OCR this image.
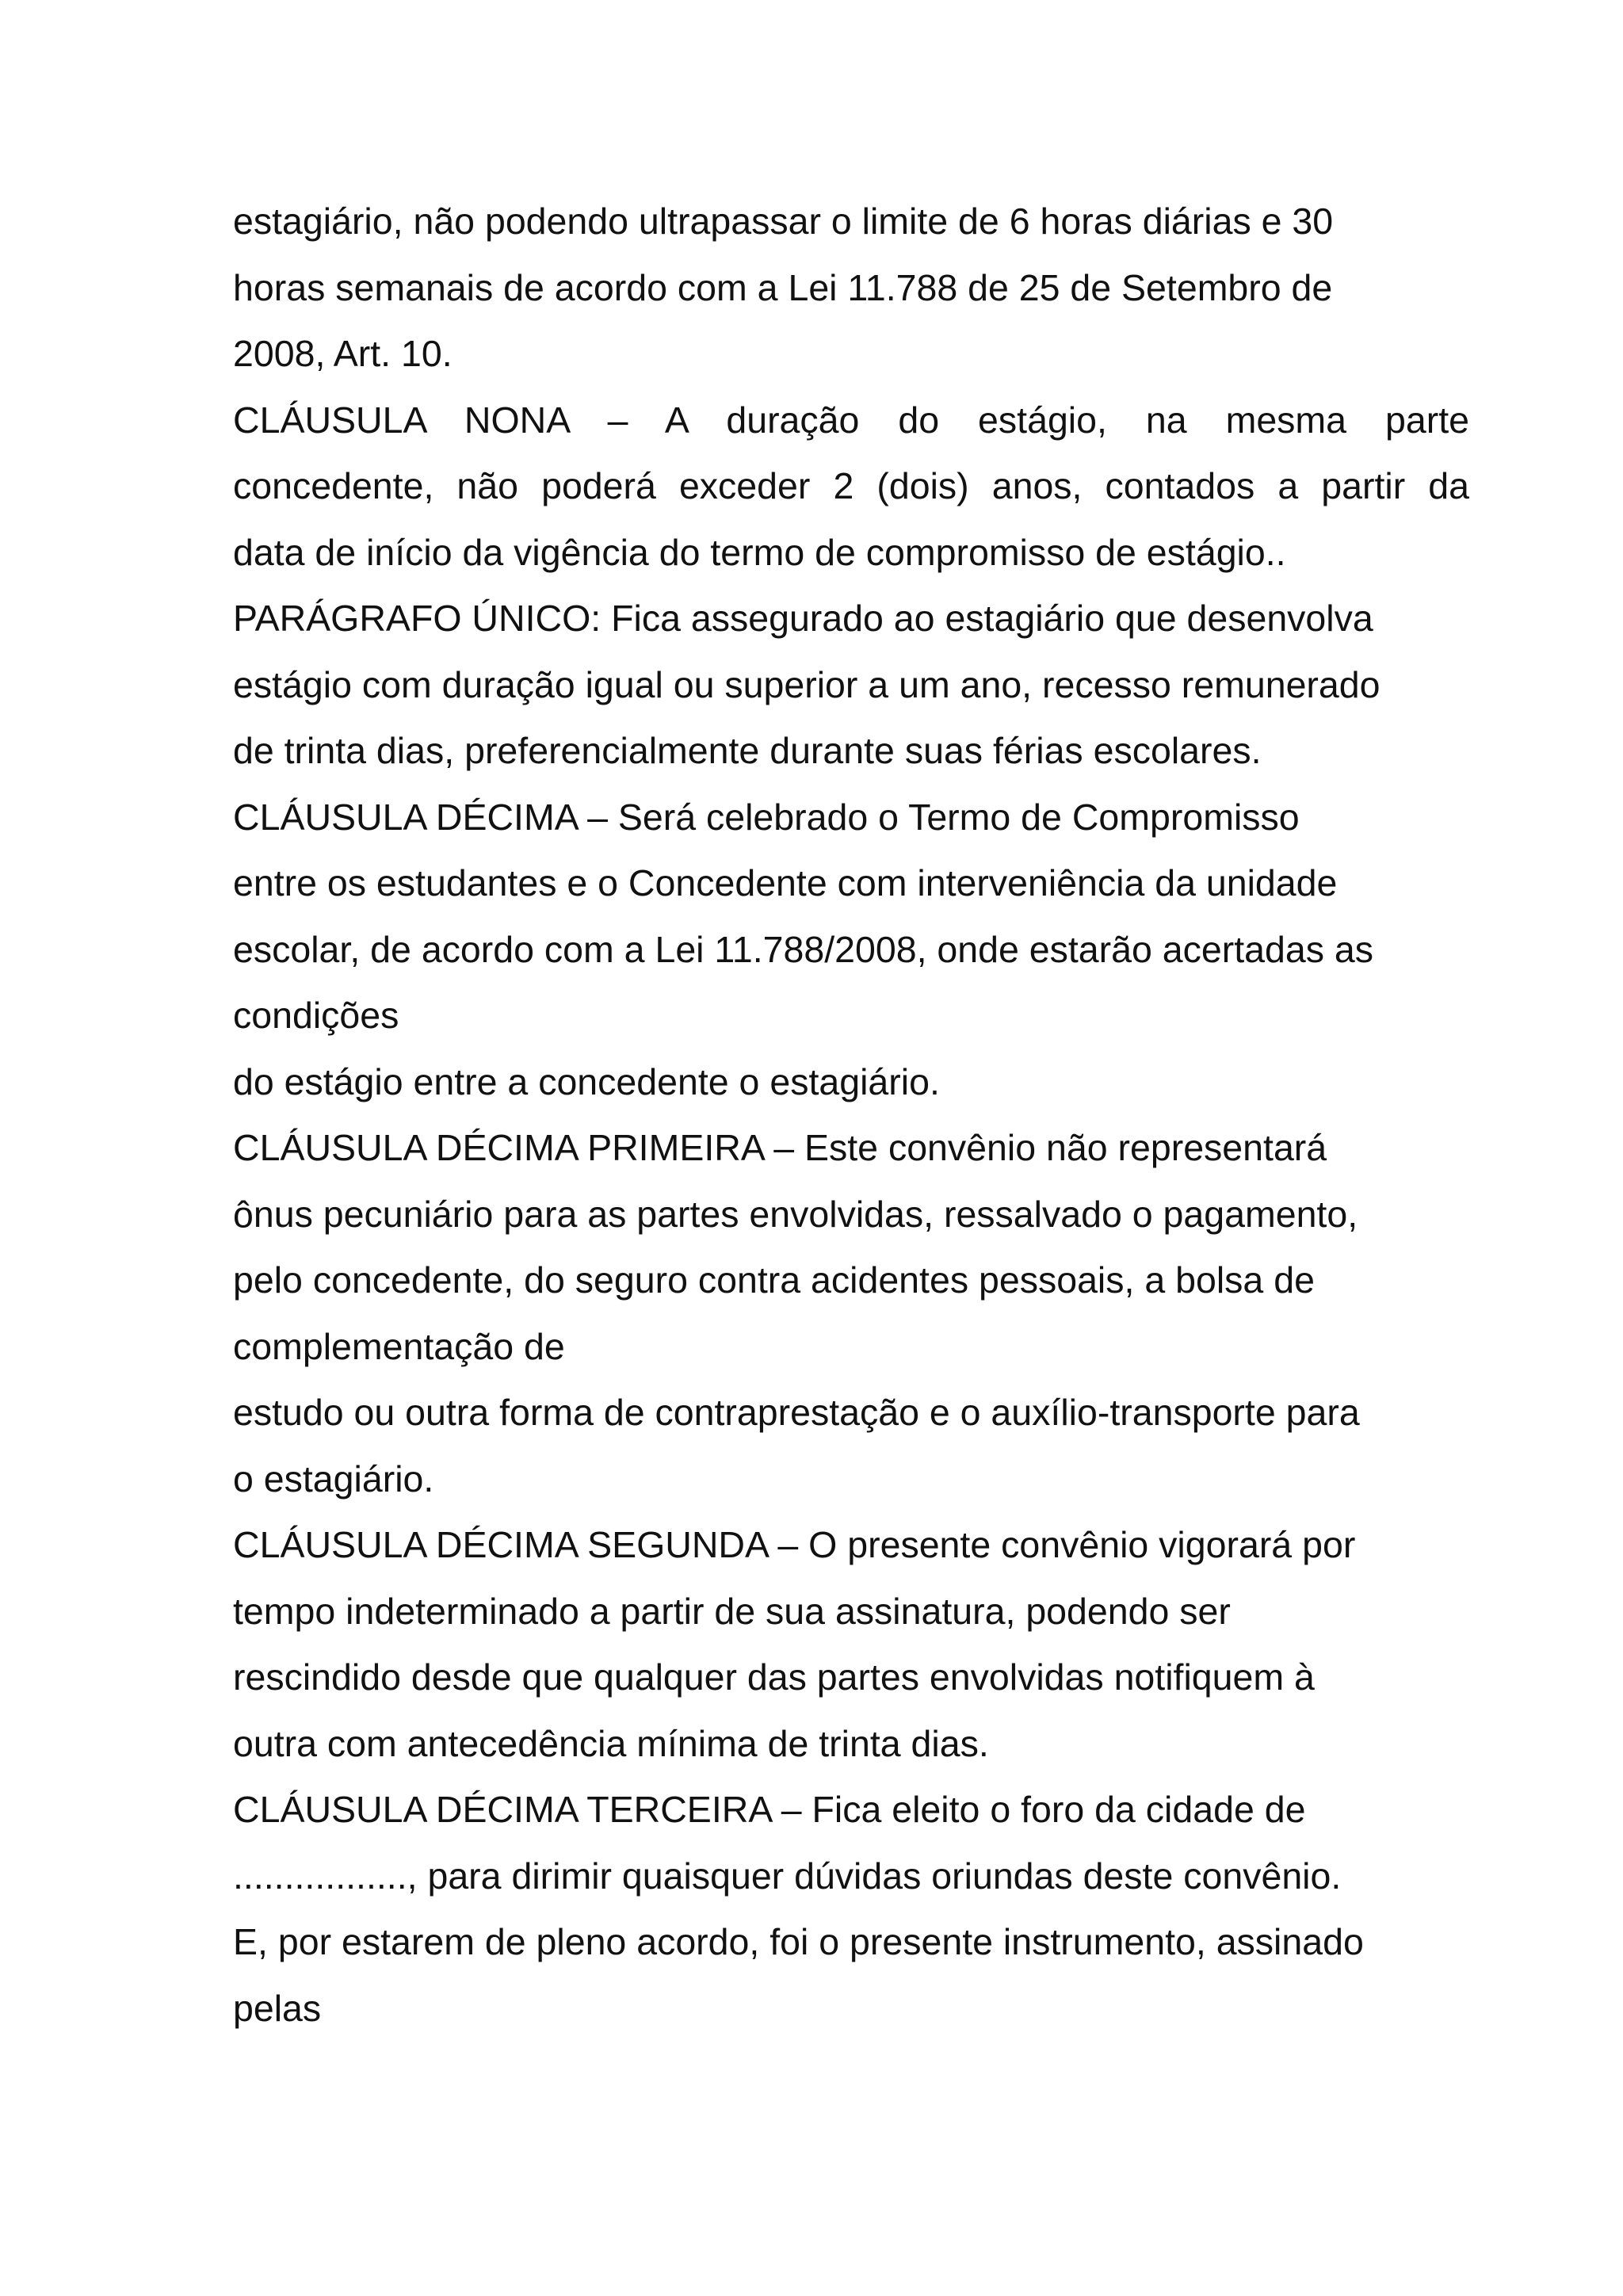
estagiário, não podendo ultrapassar o limite de 6 horas diárias e 30
horas semanais de acordo com a Lei 11.788 de 25 de Setembro de
2008, Art. 10.
CLÁUSULA NONA – A duração do estágio, na mesma parte
concedente, não poderá exceder 2 (dois) anos, contados a partir da
data de início da vigência do termo de compromisso de estágio..
PARÁGRAFO ÚNICO: Fica assegurado ao estagiário que desenvolva
estágio com duração igual ou superior a um ano, recesso remunerado
de trinta dias, preferencialmente durante suas férias escolares.
CLÁUSULA DÉCIMA – Será celebrado o Termo de Compromisso
entre os estudantes e o Concedente com interveniência da unidade
escolar, de acordo com a Lei 11.788/2008, onde estarão acertadas as
condições
do estágio entre a concedente o estagiário.
CLÁUSULA DÉCIMA PRIMEIRA – Este convênio não representará
ônus pecuniário para as partes envolvidas, ressalvado o pagamento,
pelo concedente, do seguro contra acidentes pessoais, a bolsa de
complementação de
estudo ou outra forma de contraprestação e o auxílio-transporte para
o estagiário.
CLÁUSULA DÉCIMA SEGUNDA – O presente convênio vigorará por
tempo indeterminado a partir de sua assinatura, podendo ser
rescindido desde que qualquer das partes envolvidas notifiquem à
outra com antecedência mínima de trinta dias.
CLÁUSULA DÉCIMA TERCEIRA – Fica eleito o foro da cidade de
................., para dirimir quaisquer dúvidas oriundas deste convênio.
E, por estarem de pleno acordo, foi o presente instrumento, assinado
pelas
